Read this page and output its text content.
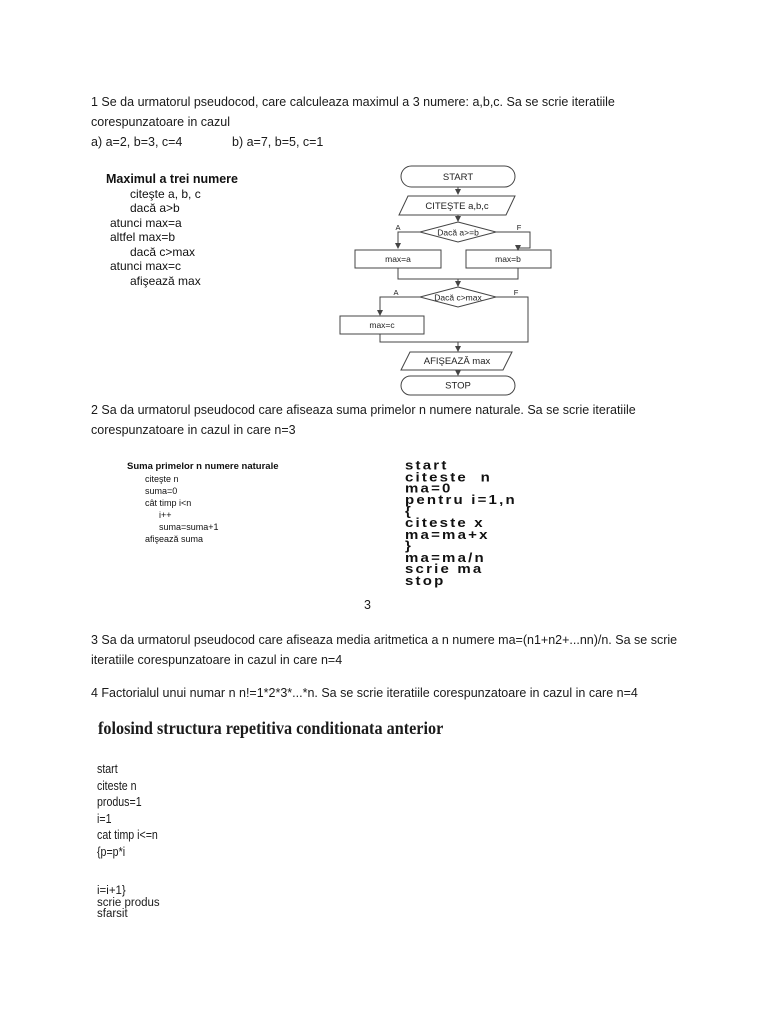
1 Se da urmatorul pseudocod, care calculeaza maximul a 3 numere: a,b,c. Sa se scrie iteratiile
corespunzatoare in cazul
a) a=2, b=3, c=4	b) a=7, b=5, c=1
Maximul a trei numere
citeşte a, b, c
dacă a>b
atunci max=a
altfel max=b
dacă c>max
atunci max=c
afişează max
START
CITEŞTE a,b,c
Dacă a>=b
max=a	max=b
Dacă c>max
max=c
AFIŞEAZĂ max
STOP
A	F
A	F
2 Sa da urmatorul pseudocod care afiseaza suma primelor n numere naturale. Sa se scrie iteratiile
corespunzatoare in cazul in care n=3
Suma primelor n numere naturale
citeşte n
suma=0
cât timp i<n
i++
suma=suma+1
afişează suma
start
citeste  n
ma=0
pentru i=1,n
{
citeste x
ma=ma+x
}
ma=ma/n
scrie ma
stop
3
3 Sa da urmatorul pseudocod care afiseaza media aritmetica a n numere ma=(n1+n2+...nn)/n. Sa se scrie
iteratiile corespunzatoare in cazul in care n=4
4 Factorialul unui numar n n!=1*2*3*...*n. Sa se scrie iteratiile corespunzatoare in cazul in care n=4
folosind structura repetitiva conditionata anterior
start
citeste n
produs=1
i=1
cat timp i<=n
{p=p*i
i=i+1}
scrie produs
sfarsit
